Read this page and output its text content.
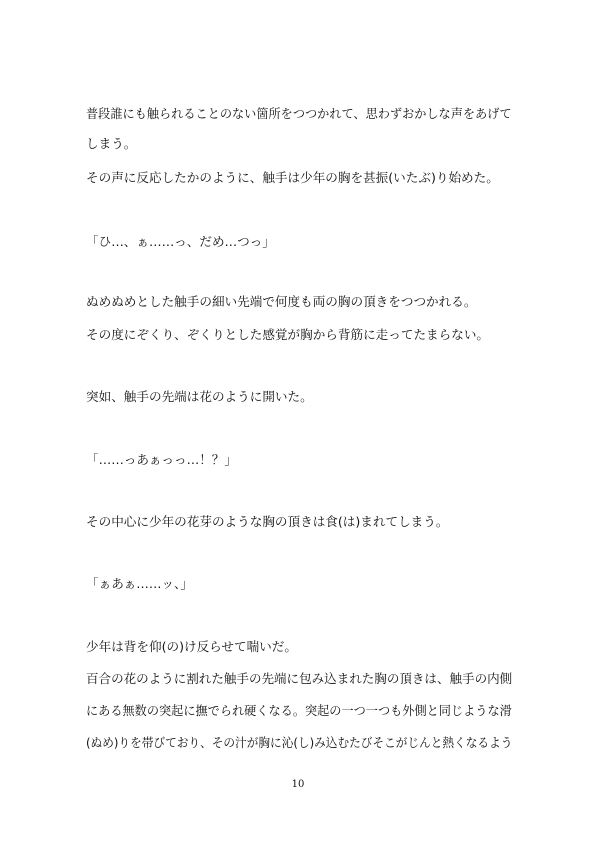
普段誰にも触られることのない箇所をつつかれて、思わずおかしな声をあげて

しまう。

その声に反応したかのように、触手は少年の胸を甚振(いたぶ)り始めた。

「ひ…、ぁ……っ、だめ…つっ」

ぬめぬめとした触手の細い先端で何度も両の胸の頂きをつつかれる。

その度にぞくり、ぞくりとした感覚が胸から背筋に走ってたまらない。

突如、触手の先端は花のように開いた。

「……っあぁっっ…！？」

その中心に少年の花芽のような胸の頂きは食(は)まれてしまう。

「ぁあぁ……ッ、」

少年は背を仰(の)け反らせて喘いだ。

百合の花のように割れた触手の先端に包み込まれた胸の頂きは、触手の内側

にある無数の突起に撫でられ硬くなる。突起の一つ一つも外側と同じような滑

(ぬめ)りを帯びており、その汁が胸に沁(し)み込むたびそこがじんと熱くなるよう

10
